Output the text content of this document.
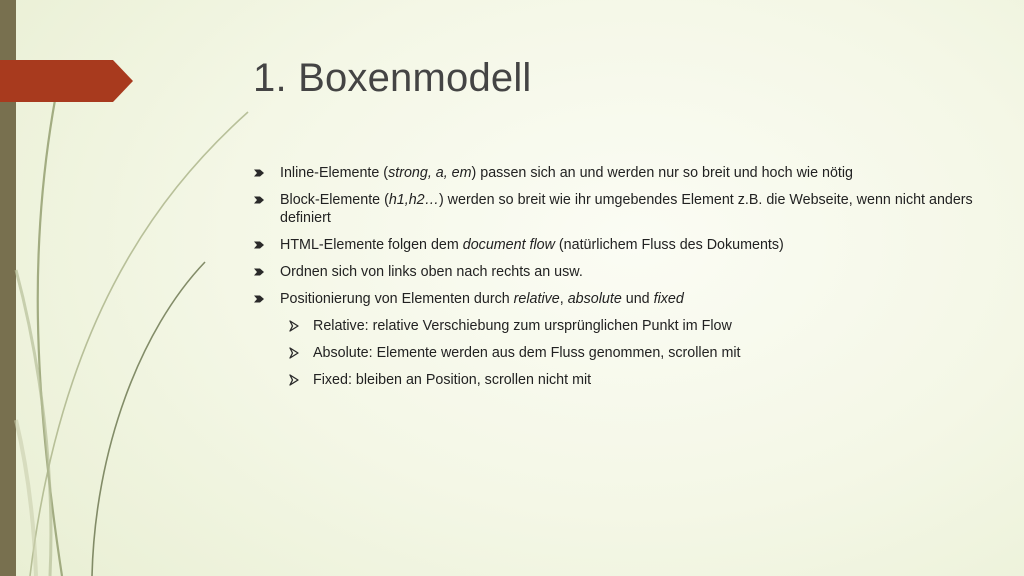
1. Boxenmodell
Inline-Elemente (strong, a, em) passen sich an und werden nur so breit und hoch wie nötig
Block-Elemente (h1,h2…) werden so breit wie ihr umgebendes Element z.B. die Webseite, wenn nicht anders definiert
HTML-Elemente folgen dem document flow (natürlichem Fluss des Dokuments)
Ordnen sich von links oben nach rechts an usw.
Positionierung von Elementen durch relative, absolute und fixed
Relative: relative Verschiebung zum ursprünglichen Punkt im Flow
Absolute: Elemente werden aus dem Fluss genommen, scrollen mit
Fixed: bleiben an Position, scrollen nicht mit
